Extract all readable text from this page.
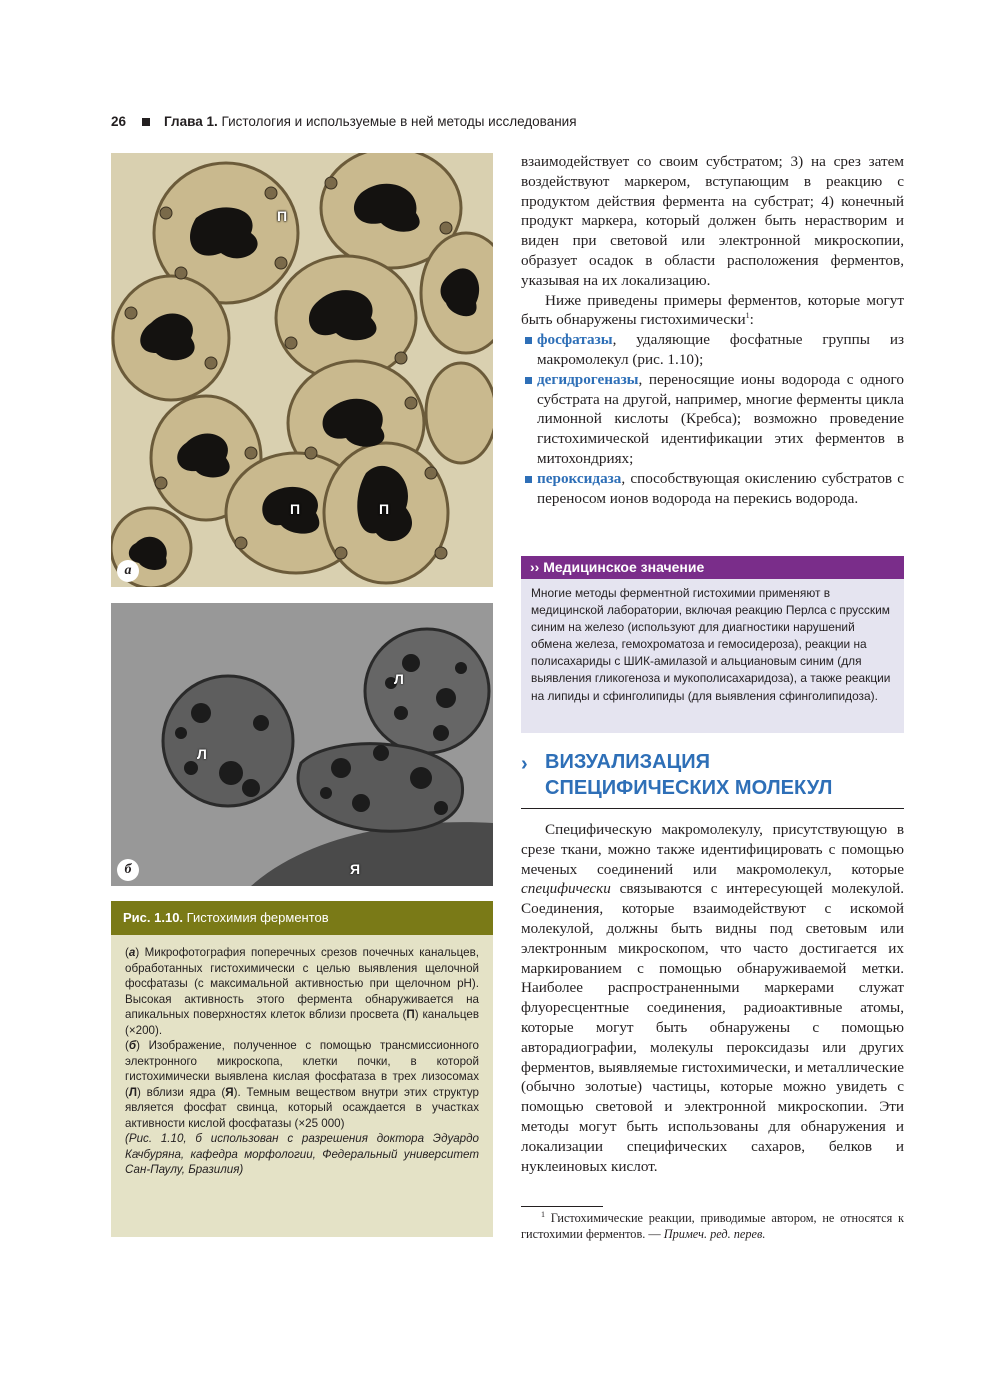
26	Глава 1. Гистология и используемые в ней методы исследования
П
П	П
а
Л
Л
Я
б
Рис. 1.10. Гистохимия ферментов

(а) Микрофотография поперечных срезов почечных канальцев, обработанных гистохимически с целью выявления щелочной фосфатазы (с максимальной активностью при щелочном pH). Высокая активность этого фермента обнаруживается на апикальных поверхностях клеток вблизи просвета (П) канальцев (×200).

(б) Изображение, полученное с помощью трансмиссионного электронного микроскопа, клетки почки, в которой гистохимически выявлена кислая фосфатаза в трех лизосомах (Л) вблизи ядра (Я). Темным веществом внутри этих структур является фосфат свинца, который осаждается в участках активности кислой фосфатазы (×25 000)

(Рис. 1.10, б использован с разрешения доктора Эдуардо Качбуряна, кафедра морфологии, Федеральный университет Сан-Паулу, Бразилия)

взаимодействует со своим субстратом; 3) на срез затем воздействуют маркером, вступающим в реакцию с продуктом действия фермента на субстрат; 4) конечный продукт маркера, который должен быть нерастворим и виден при световой или электронной микроскопии, образует осадок в области расположения ферментов, указывая на их локализацию.

Ниже приведены примеры ферментов, которые могут быть обнаружены гистохимически$^1$:

фосфатазы, удаляющие фосфатные группы из макромолекул (рис. 1.10);

дегидрогеназы, переносящие ионы водорода с одного субстрата на другой, например, многие ферменты цикла лимонной кислоты (Кребса); возможно проведение гистохимической идентификации этих ферментов в митохондриях;

пероксидаза, способствующая окислению субстратов с переносом ионов водорода на перекись водорода.

›› Медицинское значение
Многие методы ферментной гистохимии применяют в медицинской лаборатории, включая реакцию Перлса с прусским синим на железо (используют для диагностики нарушений обмена железа, гемохроматоза и гемосидероза), реакции на полисахариды с ШИК-амилазой и альциановым синим (для выявления гликогеноза и мукополисахаридоза), а также реакции на липиды и сфинголипиды (для выявления сфинголипидоза).
› ВИЗУАЛИЗАЦИЯ
СПЕЦИФИЧЕСКИХ МОЛЕКУЛ

Специфическую макромолекулу, присутствующую в срезе ткани, можно также идентифицировать с помощью меченых соединений или макромолекул, которые специфически связываются с интересующей молекулой. Соединения, которые взаимодействуют с искомой молекулой, должны быть видны под световым или электронным микроскопом, что часто достигается их маркированием с помощью обнаруживаемой метки. Наиболее распространенными маркерами служат флуоресцентные соединения, радиоактивные атомы, которые могут быть обнаружены с помощью авторадиографии, молекулы пероксидазы или других ферментов, выявляемые гистохимически, и металлические (обычно золотые) частицы, которые можно увидеть с помощью световой и электронной микроскопии. Эти методы могут быть использованы для обнаружения и локализации специфических сахаров, белков и нуклеиновых кислот.

$^1$ Гистохимические реакции, приводимые автором, не относятся к гистохимии ферментов. — Примеч. ред. перев.
